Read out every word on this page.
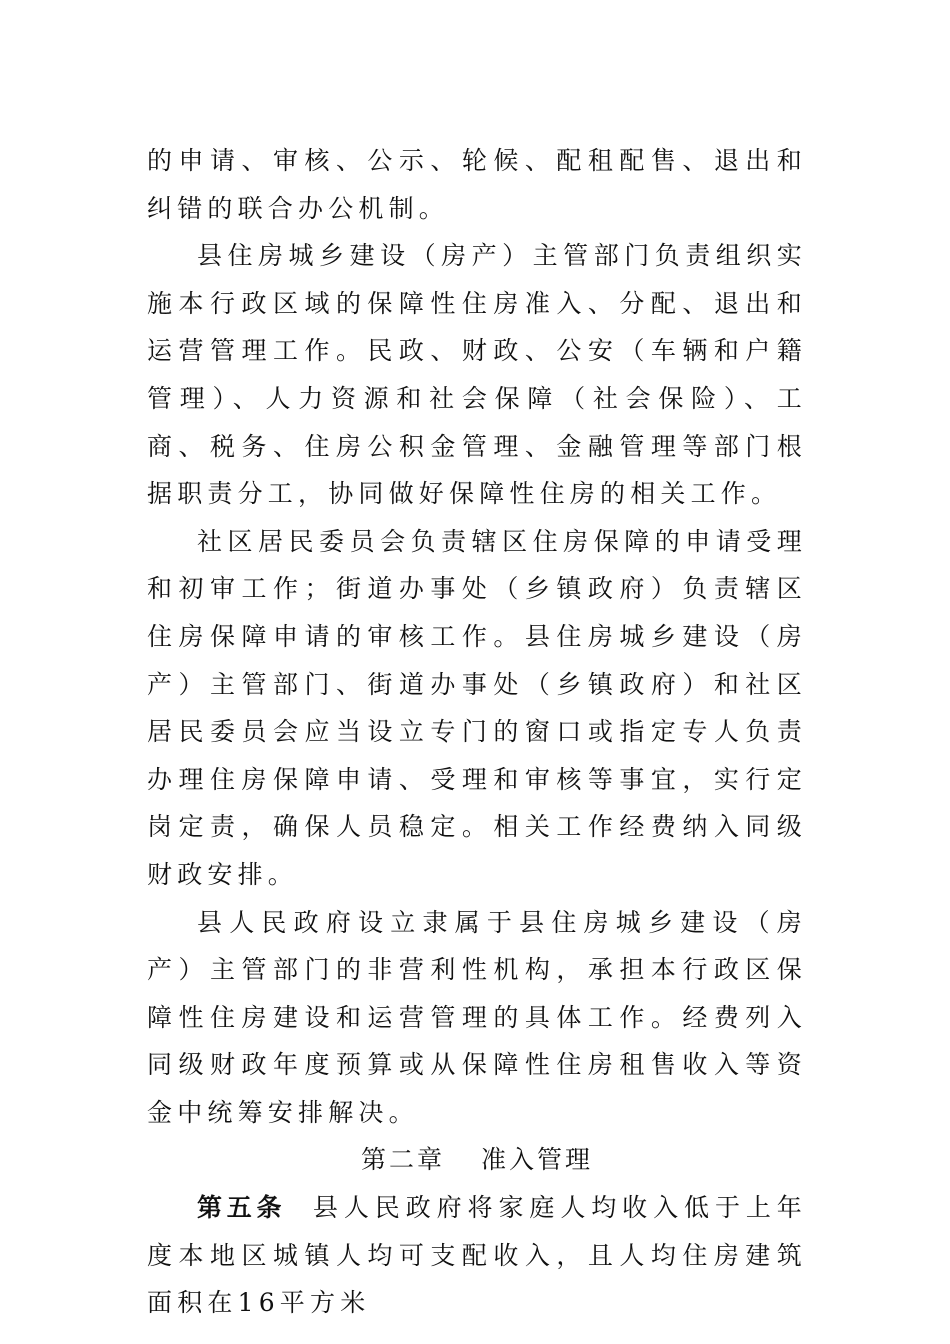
的申请、审核、公示、轮候、配租配售、退出和纠错的联合办公机制。

县住房城乡建设（房产）主管部门负责组织实施本行政区域的保障性住房准入、分配、退出和运营管理工作。民政、财政、公安（车辆和户籍管理）、人力资源和社会保障（社会保险）、工商、税务、住房公积金管理、金融管理等部门根据职责分工，协同做好保障性住房的相关工作。

社区居民委员会负责辖区住房保障的申请受理和初审工作；街道办事处（乡镇政府）负责辖区住房保障申请的审核工作。县住房城乡建设（房产）主管部门、街道办事处（乡镇政府）和社区居民委员会应当设立专门的窗口或指定专人负责办理住房保障申请、受理和审核等事宜，实行定岗定责，确保人员稳定。相关工作经费纳入同级财政安排。

县人民政府设立隶属于县住房城乡建设（房产）主管部门的非营利性机构，承担本行政区保障性住房建设和运营管理的具体工作。经费列入同级财政年度预算或从保障性住房租售收入等资金中统筹安排解决。

第二章 准入管理

第五条 县人民政府将家庭人均收入低于上年度本地区城镇人均可支配收入，且人均住房建筑面积在16平方米
